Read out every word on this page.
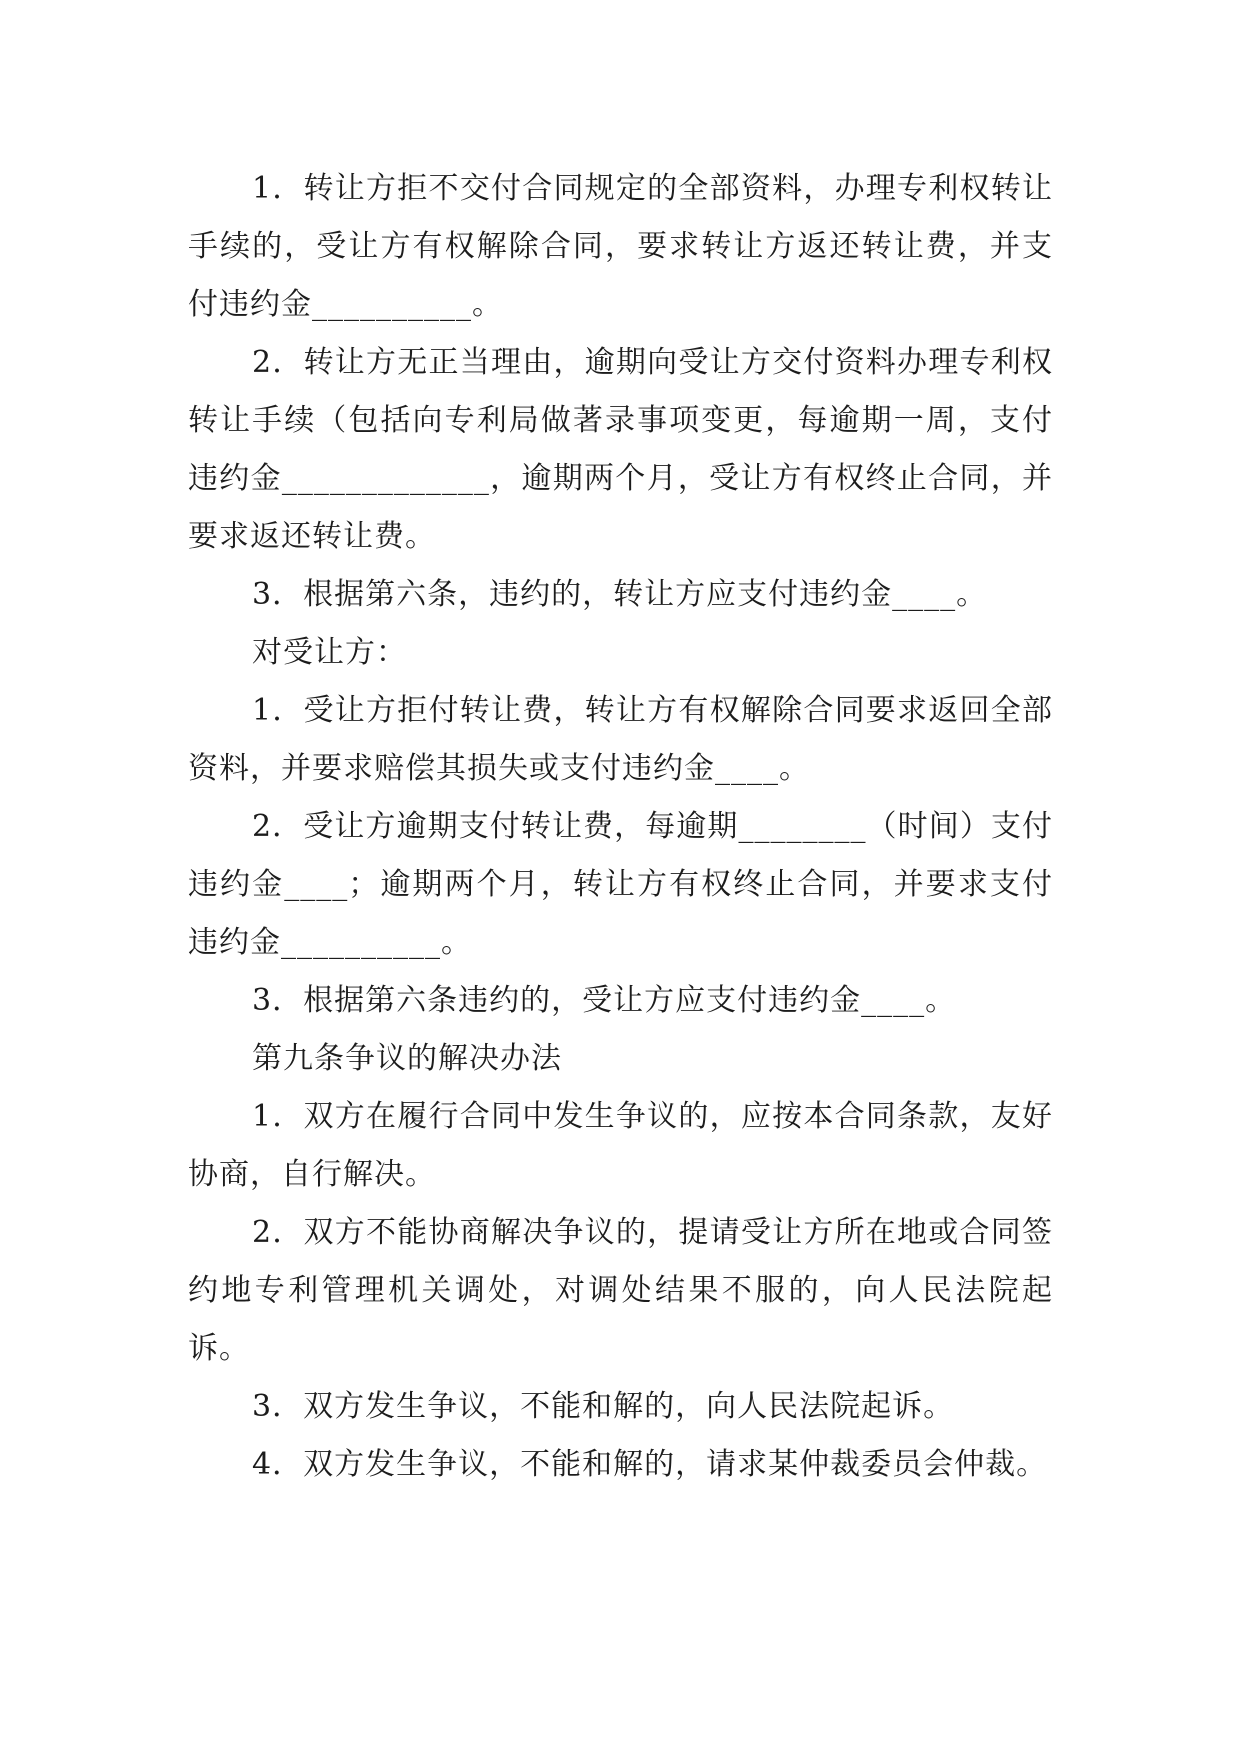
1．转让方拒不交付合同规定的全部资料，办理专利权转让手续的，受让方有权解除合同，要求转让方返还转让费，并支付违约金__________。

2．转让方无正当理由，逾期向受让方交付资料办理专利权转让手续（包括向专利局做著录事项变更，每逾期一周，支付违约金_____________，逾期两个月，受让方有权终止合同，并要求返还转让费。

3．根据第六条，违约的，转让方应支付违约金____。

对受让方：

1．受让方拒付转让费，转让方有权解除合同要求返回全部资料，并要求赔偿其损失或支付违约金____。

2．受让方逾期支付转让费，每逾期________（时间）支付违约金____；逾期两个月，转让方有权终止合同，并要求支付违约金__________。

3．根据第六条违约的，受让方应支付违约金____。

第九条争议的解决办法

1．双方在履行合同中发生争议的，应按本合同条款，友好协商，自行解决。

2．双方不能协商解决争议的，提请受让方所在地或合同签约地专利管理机关调处，对调处结果不服的，向人民法院起诉。

3．双方发生争议，不能和解的，向人民法院起诉。

4．双方发生争议，不能和解的，请求某仲裁委员会仲裁。
